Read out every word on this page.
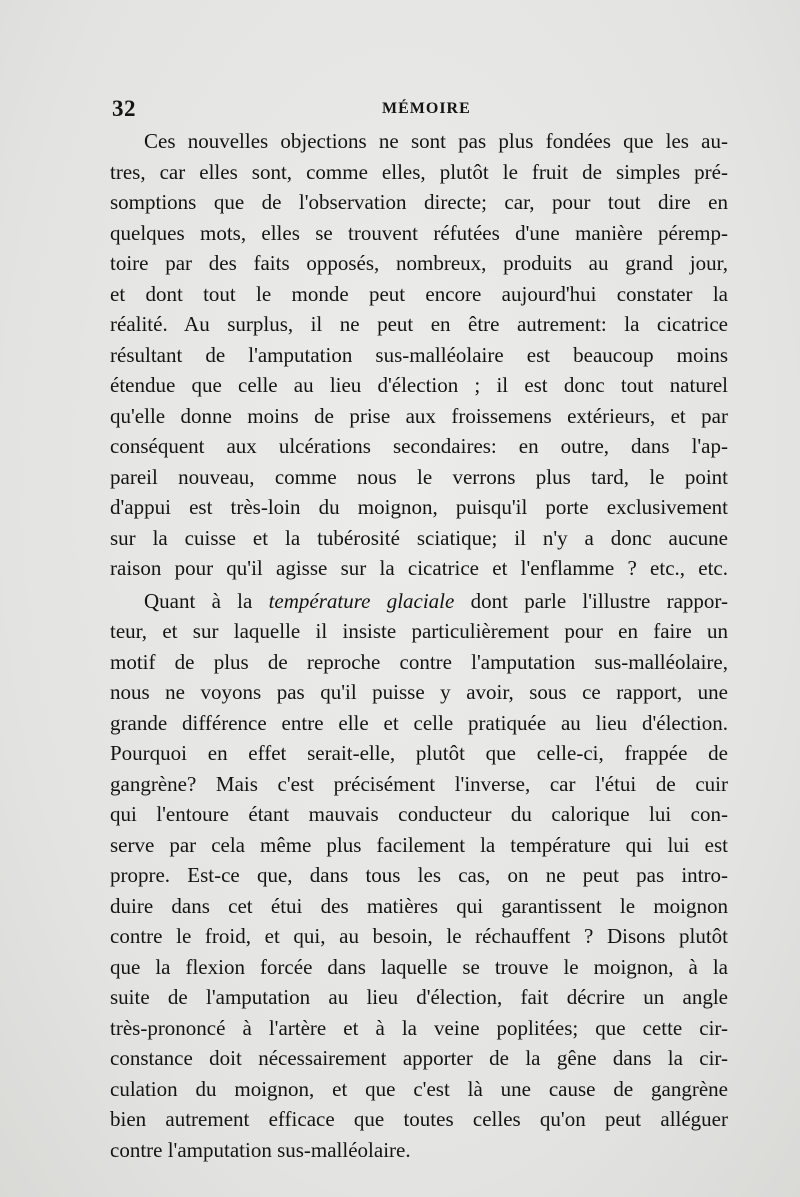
32	MÉMOIRE
Ces nouvelles objections ne sont pas plus fondées que les au-
tres, car elles sont, comme elles, plutôt le fruit de simples pré-
somptions que de l'observation directe; car, pour tout dire en
quelques mots, elles se trouvent réfutées d'une manière péremp-
toire par des faits opposés, nombreux, produits au grand jour,
et dont tout le monde peut encore aujourd'hui constater la
réalité. Au surplus, il ne peut en être autrement: la cicatrice
résultant de l'amputation sus-malléolaire est beaucoup moins
étendue que celle au lieu d'élection ; il est donc tout naturel
qu'elle donne moins de prise aux froissemens extérieurs, et par
conséquent aux ulcérations secondaires: en outre, dans l'ap-
pareil nouveau, comme nous le verrons plus tard, le point
d'appui est très-loin du moignon, puisqu'il porte exclusivement
sur la cuisse et la tubérosité sciatique; il n'y a donc aucune
raison pour qu'il agisse sur la cicatrice et l'enflamme ? etc., etc.
Quant à la température glaciale dont parle l'illustre rappor-
teur, et sur laquelle il insiste particulièrement pour en faire un
motif de plus de reproche contre l'amputation sus-malléolaire,
nous ne voyons pas qu'il puisse y avoir, sous ce rapport, une
grande différence entre elle et celle pratiquée au lieu d'élection.
Pourquoi en effet serait-elle, plutôt que celle-ci, frappée de
gangrène? Mais c'est précisément l'inverse, car l'étui de cuir
qui l'entoure étant mauvais conducteur du calorique lui con-
serve par cela même plus facilement la température qui lui est
propre. Est-ce que, dans tous les cas, on ne peut pas intro-
duire dans cet étui des matières qui garantissent le moignon
contre le froid, et qui, au besoin, le réchauffent ? Disons plutôt
que la flexion forcée dans laquelle se trouve le moignon, à la
suite de l'amputation au lieu d'élection, fait décrire un angle
très-prononcé à l'artère et à la veine poplitées; que cette cir-
constance doit nécessairement apporter de la gêne dans la cir-
culation du moignon, et que c'est là une cause de gangrène
bien autrement efficace que toutes celles qu'on peut alléguer
contre l'amputation sus-malléolaire.
